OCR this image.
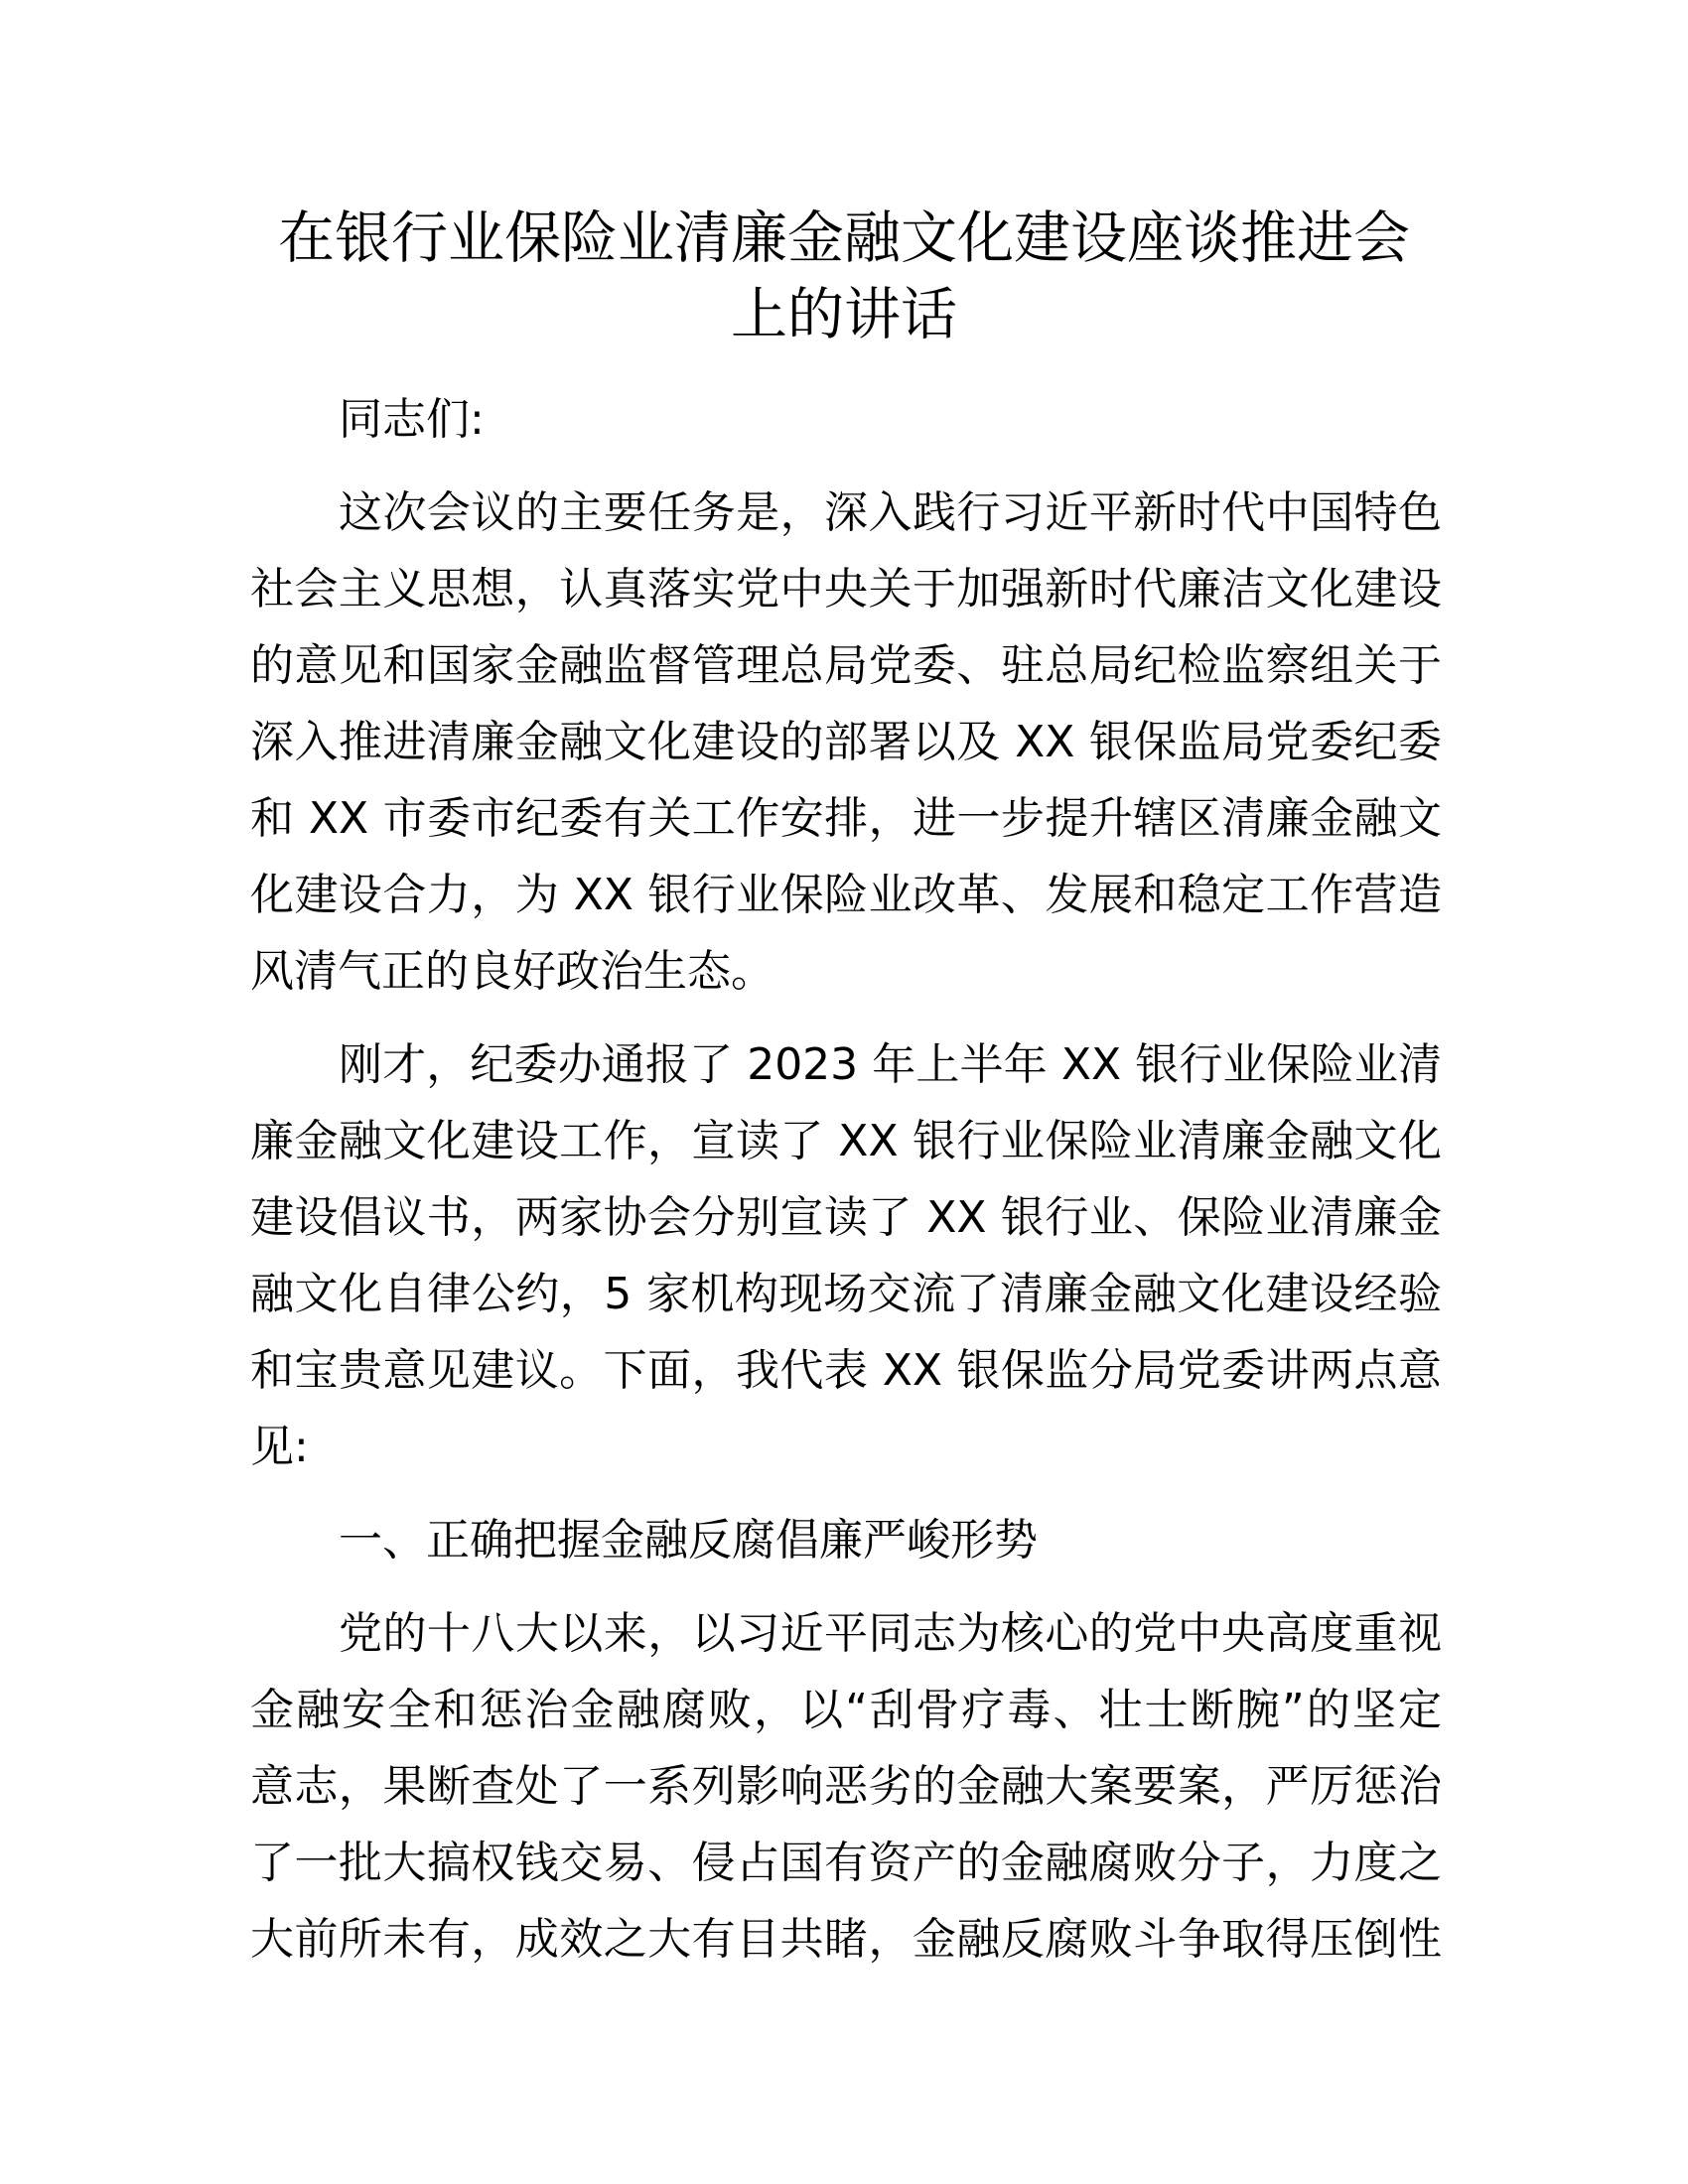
在银行业保险业清廉金融文化建设座谈推进会
上的讲话
同志们:
这次会议的主要任务是，深入践行习近平新时代中国特色
社会主义思想，认真落实党中央关于加强新时代廉洁文化建设
的意见和国家金融监督管理总局党委、驻总局纪检监察组关于
深入推进清廉金融文化建设的部署以及 XX 银保监局党委纪委
和 XX 市委市纪委有关工作安排，进一步提升辖区清廉金融文
化建设合力，为 XX 银行业保险业改革、发展和稳定工作营造
风清气正的良好政治生态。
刚才，纪委办通报了 2023 年上半年 XX 银行业保险业清
廉金融文化建设工作，宣读了 XX 银行业保险业清廉金融文化
建设倡议书，两家协会分别宣读了 XX 银行业、保险业清廉金
融文化自律公约，5 家机构现场交流了清廉金融文化建设经验
和宝贵意见建议。下面，我代表 XX 银保监分局党委讲两点意
见:
一、正确把握金融反腐倡廉严峻形势
党的十八大以来，以习近平同志为核心的党中央高度重视
金融安全和惩治金融腐败，以“刮骨疗毒、壮士断腕”的坚定
意志，果断查处了一系列影响恶劣的金融大案要案，严厉惩治
了一批大搞权钱交易、侵占国有资产的金融腐败分子，力度之
大前所未有，成效之大有目共睹，金融反腐败斗争取得压倒性
